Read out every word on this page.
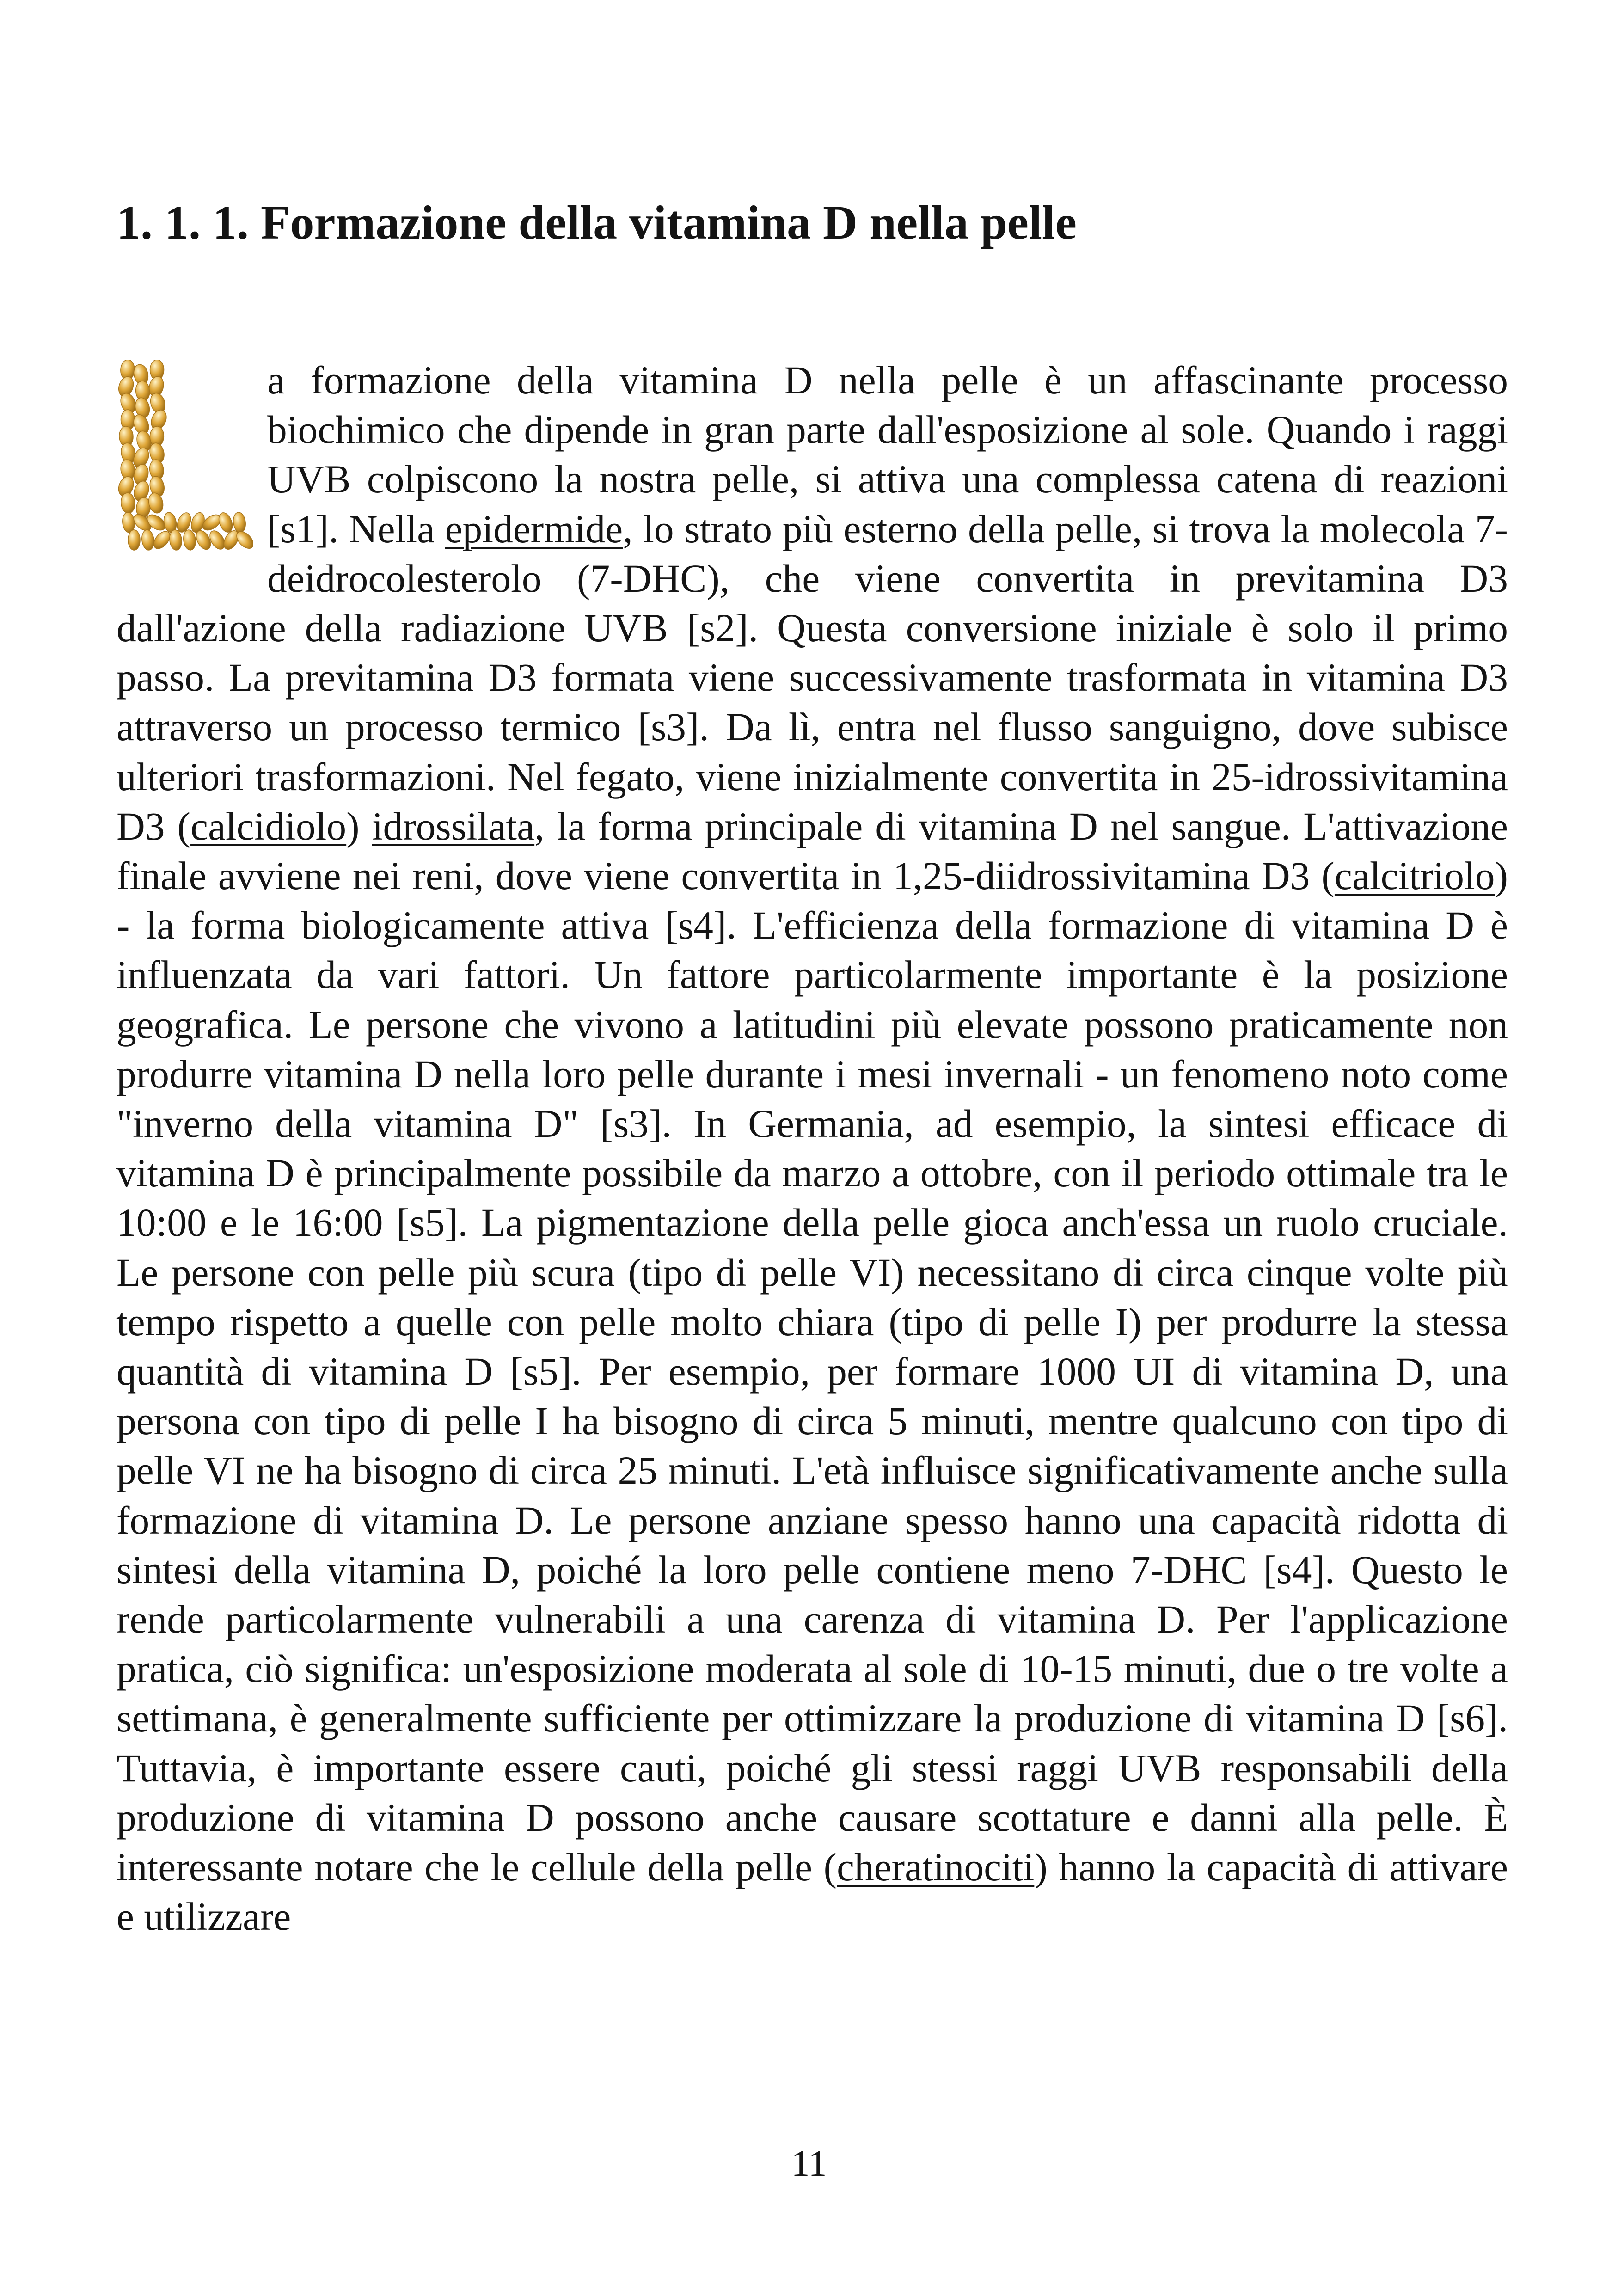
1. 1. 1. Formazione della vitamina D nella pelle
a formazione della vitamina D nella pelle è un affascinante processo biochimico che dipende in gran parte dall'esposizione al sole. Quando i raggi UVB colpiscono la nostra pelle, si attiva una complessa catena di reazioni [s1]. Nella epidermide, lo strato più esterno della pelle, si trova la molecola 7-deidrocolesterolo (7-DHC), che viene convertita in previtamina D3 dall'azione della radiazione UVB [s2]. Questa conversione iniziale è solo il primo passo. La previtamina D3 formata viene successivamente trasformata in vitamina D3 attraverso un processo termico [s3]. Da lì, entra nel flusso sanguigno, dove subisce ulteriori trasformazioni. Nel fegato, viene inizialmente convertita in 25-idrossivitamina D3 (calcidiolo) idrossilata, la forma principale di vitamina D nel sangue. L'attivazione finale avviene nei reni, dove viene convertita in 1,25-diidrossivitamina D3 (calcitriolo) - la forma biologicamente attiva [s4]. L'efficienza della formazione di vitamina D è influenzata da vari fattori. Un fattore particolarmente importante è la posizione geografica. Le persone che vivono a latitudini più elevate possono praticamente non produrre vitamina D nella loro pelle durante i mesi invernali - un fenomeno noto come "inverno della vitamina D" [s3]. In Germania, ad esempio, la sintesi efficace di vitamina D è principalmente possibile da marzo a ottobre, con il periodo ottimale tra le 10:00 e le 16:00 [s5]. La pigmentazione della pelle gioca anch'essa un ruolo cruciale. Le persone con pelle più scura (tipo di pelle VI) necessitano di circa cinque volte più tempo rispetto a quelle con pelle molto chiara (tipo di pelle I) per produrre la stessa quantità di vitamina D [s5]. Per esempio, per formare 1000 UI di vitamina D, una persona con tipo di pelle I ha bisogno di circa 5 minuti, mentre qualcuno con tipo di pelle VI ne ha bisogno di circa 25 minuti. L'età influisce significativamente anche sulla formazione di vitamina D. Le persone anziane spesso hanno una capacità ridotta di sintesi della vitamina D, poiché la loro pelle contiene meno 7-DHC [s4]. Questo le rende particolarmente vulnerabili a una carenza di vitamina D. Per l'applicazione pratica, ciò significa: un'esposizione moderata al sole di 10-15 minuti, due o tre volte a settimana, è generalmente sufficiente per ottimizzare la produzione di vitamina D [s6]. Tuttavia, è importante essere cauti, poiché gli stessi raggi UVB responsabili della produzione di vitamina D possono anche causare scottature e danni alla pelle. È interessante notare che le cellule della pelle (cheratinociti) hanno la capacità di attivare e utilizzare
11
